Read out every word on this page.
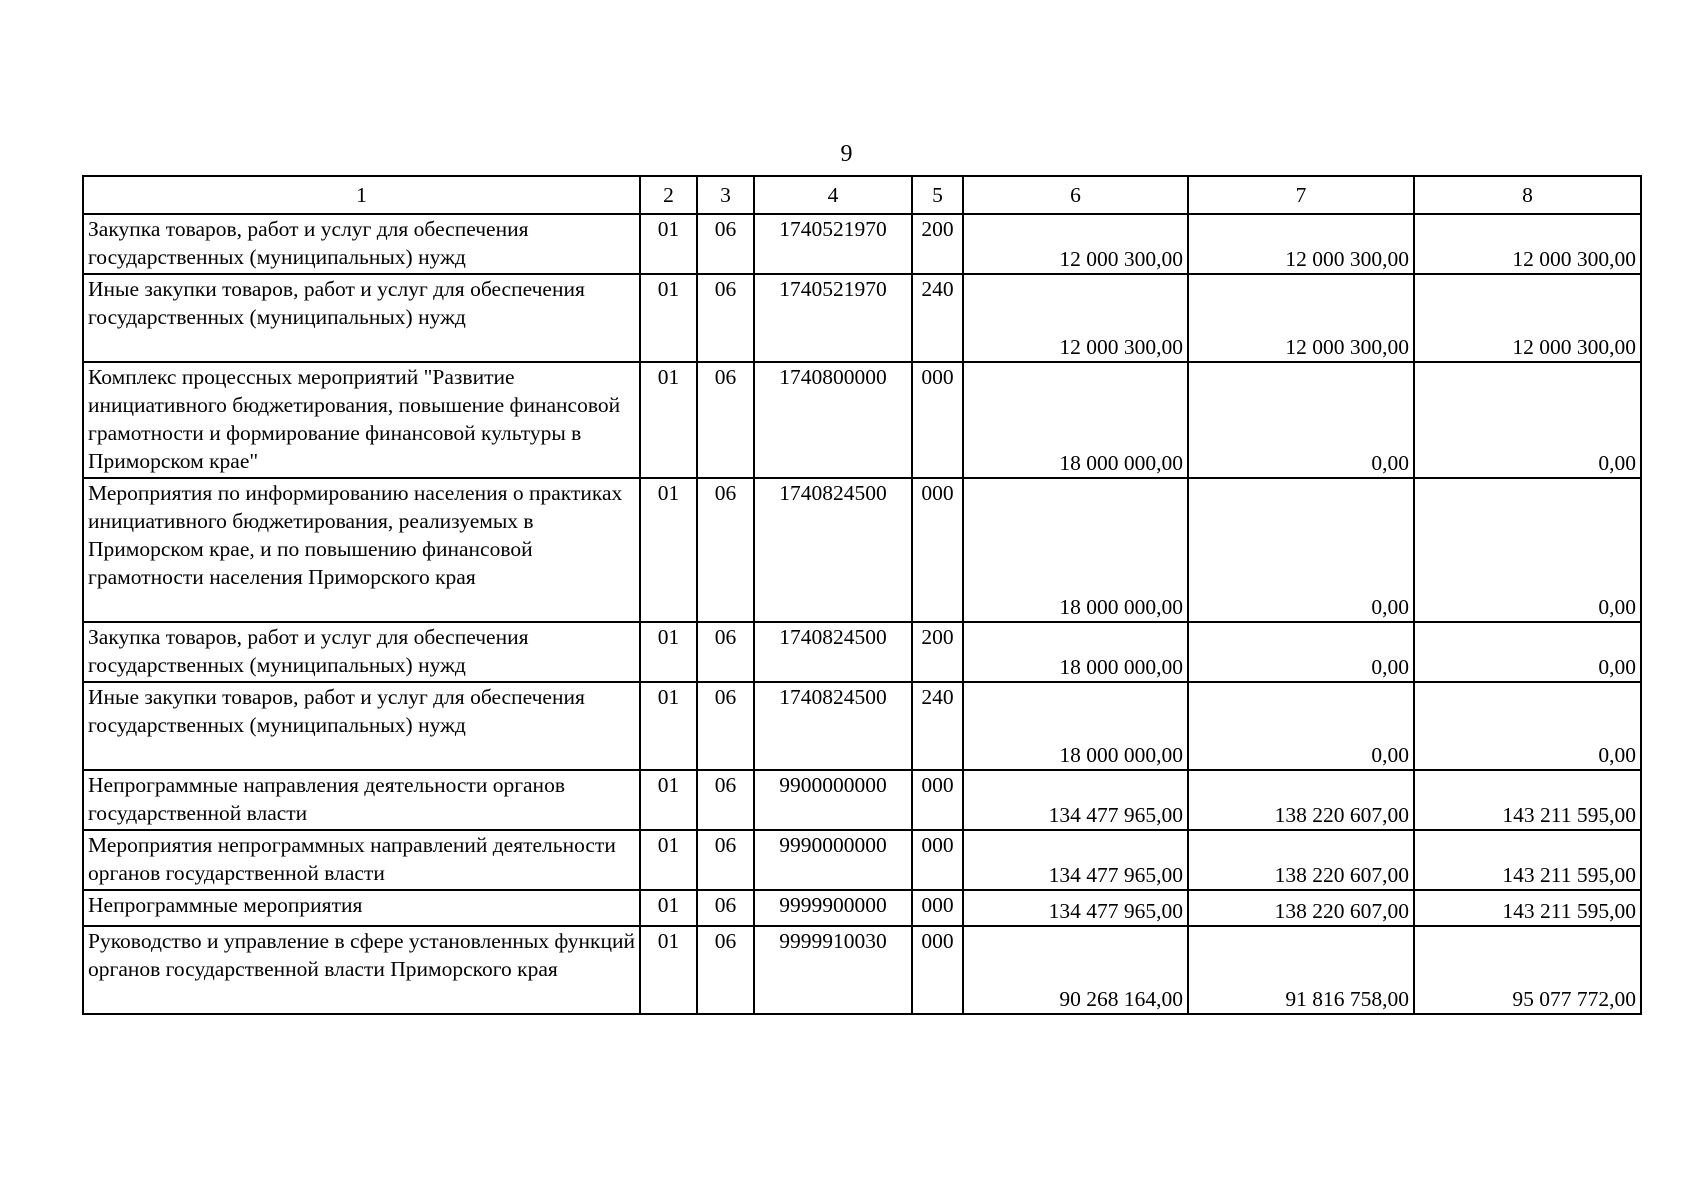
9
1	2	3	4	5	6	7	8
Закупка товаров, работ и услуг для обеспечения государственных (муниципальных) нужд	01	06	1740521970	200	12 000 300,00	12 000 300,00	12 000 300,00
Иные закупки товаров, работ и услуг для обеспечения государственных (муниципальных) нужд	01	06	1740521970	240	12 000 300,00	12 000 300,00	12 000 300,00
Комплекс процессных мероприятий "Развитие инициативного бюджетирования, повышение финансовой грамотности и формирование финансовой культуры в Приморском крае"	01	06	1740800000	000	18 000 000,00	0,00	0,00
Мероприятия по информированию населения о практиках инициативного бюджетирования, реализуемых в Приморском крае, и по повышению финансовой грамотности населения Приморского края	01	06	1740824500	000	18 000 000,00	0,00	0,00
Закупка товаров, работ и услуг для обеспечения государственных (муниципальных) нужд	01	06	1740824500	200	18 000 000,00	0,00	0,00
Иные закупки товаров, работ и услуг для обеспечения государственных (муниципальных) нужд	01	06	1740824500	240	18 000 000,00	0,00	0,00
Непрограммные направления деятельности органов государственной власти	01	06	9900000000	000	134 477 965,00	138 220 607,00	143 211 595,00
Мероприятия непрограммных направлений деятельности органов государственной власти	01	06	9990000000	000	134 477 965,00	138 220 607,00	143 211 595,00
Непрограммные мероприятия	01	06	9999900000	000	134 477 965,00	138 220 607,00	143 211 595,00
Руководство и управление в сфере установленных функций органов государственной власти Приморского края	01	06	9999910030	000	90 268 164,00	91 816 758,00	95 077 772,00
